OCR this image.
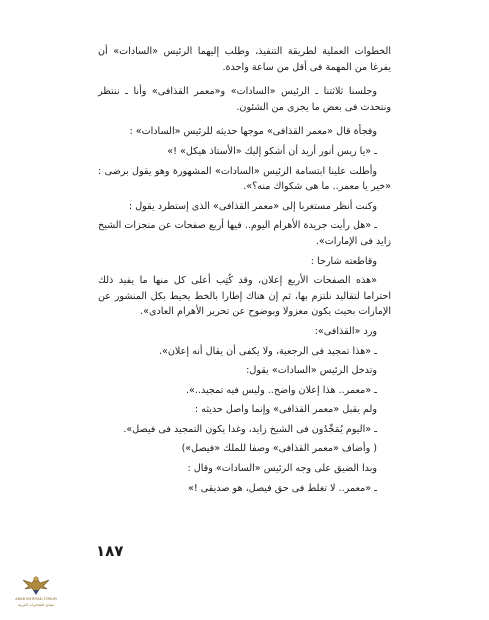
الخطوات العملية لطريقة التنفيذ، وطلب إليهما الرئيس «السادات» أن يفرغا من المهمة فى أقل من ساعة واحدة.

وجلسنا ثلاثتنا ـ الرئيس «السادات» و«معمر القذافى» وأنا ـ ننتظر ونتحدث فى بعض ما يجرى من الشئون.

وفجأة قال «معمر القذافى» موجها حديثه للرئيس «السادات» :

ـ «يا ريس أنور أريد أن أشكو إليك «الأستاذ هيكل» !»

وأطلت علينا ابتسامة الرئيس «السادات» المشهورة وهو يقول برضى : «خير يا معمر.. ما هى شكواك منه؟».

وكنت أنظر مستغربا إلى «معمر القذافى» الذى إستطرد يقول :

ـ «هل رأيت جريدة الأهرام اليوم.. فيها أربع صفحات عن منجزات الشيخ زايد فى الإمارات».

وقاطعته شارحا :

«هذه الصفحات الأربع إعلان، وقد كُتِب أعلى كل منها ما يفيد ذلك احتراما لتقاليد نلتزم بها، ثم إن هناك إطارا بالخط يحيط بكل المنشور عن الإمارات بحيث يكون معزولا وبوضوح عن تحرير الأهرام العادى».

ورد «القذافى»:

ـ «هذا تمجيد فى الرجعية، ولا يكفى أن يقال أنه إعلان».

وتدخل الرئيس «السادات» يقول:

ـ «معمر.. هذا إعلان واضح.. وليس فيه تمجيد..».

ولم يقبل «معمر القذافى» وإنما واصل حديثه :

ـ «اليوم يُمَجِّدُون فى الشيخ زايد، وغدا يكون التمجيد فى فيصل».

( وأضاف «معمر القذافى» وصفا للملك «فيصل»)

وبدا الضيق على وجه الرئيس «السادات» وقال :

ـ «معمر.. لا تغلط فى حق فيصل، هو صديقى !»

١٨٧
ARAB ENTEFAD FORUM
منتدى المخابرات العربية
